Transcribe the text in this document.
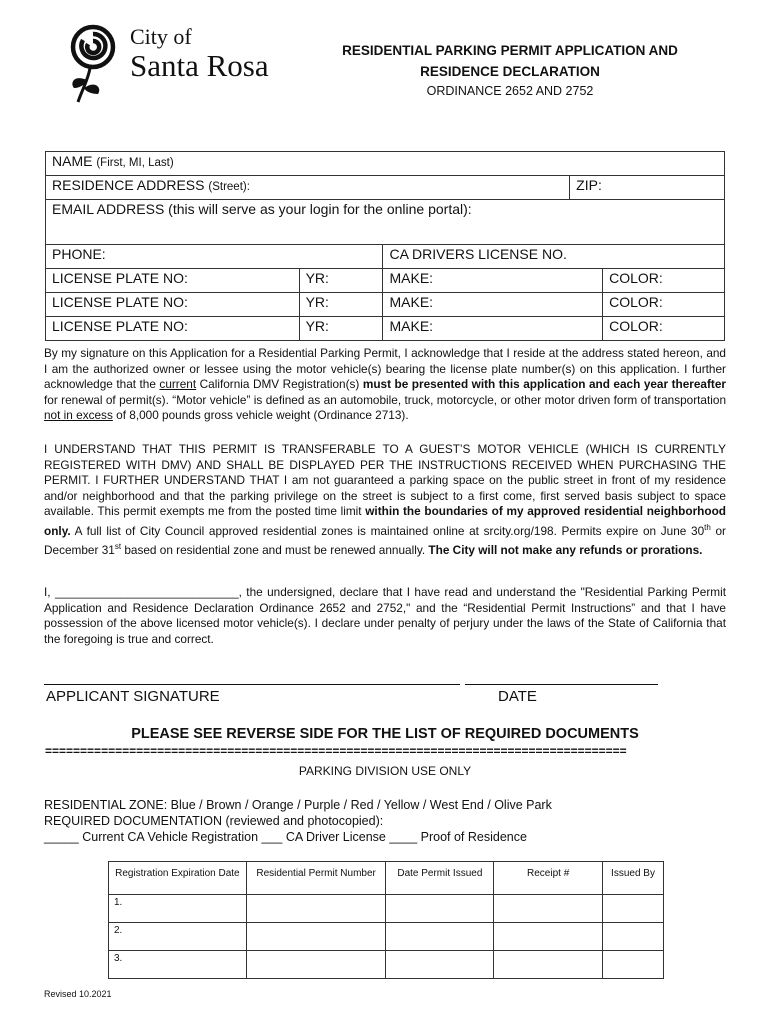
City of
Santa Rosa	RESIDENTIAL PARKING PERMIT APPLICATION AND
RESIDENCE DECLARATION
ORDINANCE 2652 AND 2752
NAME (First, MI, Last)				
RESIDENCE ADDRESS (Street):			ZIP:	
EMAIL ADDRESS (this will serve as your login for the online portal):				
PHONE:		CA DRIVERS LICENSE NO.		
LICENSE PLATE NO:	YR:	MAKE:		COLOR:
LICENSE PLATE NO:	YR:	MAKE:		COLOR:
LICENSE PLATE NO:	YR:	MAKE:		COLOR:
By my signature on this Application for a Residential Parking Permit, I acknowledge that I reside at the address stated hereon, and I am the authorized owner or lessee using the motor vehicle(s) bearing the license plate number(s) on this application. I further acknowledge that the current California DMV Registration(s) must be presented with this application and each year thereafter for renewal of permit(s). “Motor vehicle” is defined as an automobile, truck, motorcycle, or other motor driven form of transportation not in excess of 8,000 pounds gross vehicle weight (Ordinance 2713).
I UNDERSTAND THAT THIS PERMIT IS TRANSFERABLE TO A GUEST’S MOTOR VEHICLE (WHICH IS CURRENTLY REGISTERED WITH DMV) AND SHALL BE DISPLAYED PER THE INSTRUCTIONS RECEIVED WHEN PURCHASING THE PERMIT. I FURTHER UNDERSTAND THAT I am not guaranteed a parking space on the public street in front of my residence and/or neighborhood and that the parking privilege on the street is subject to a first come, first served basis subject to space available. This permit exempts me from the posted time limit within the boundaries of my approved residential neighborhood only. A full list of City Council approved residential zones is maintained online at srcity.org/198. Permits expire on June 30th or December 31st based on residential zone and must be renewed annually. The City will not make any refunds or prorations.
I, ____________________________, the undersigned, declare that I have read and understand the "Residential Parking Permit Application and Residence Declaration Ordinance 2652 and 2752," and the “Residential Permit Instructions” and that I have possession of the above licensed motor vehicle(s). I declare under penalty of perjury under the laws of the State of California that the foregoing is true and correct.
APPLICANT SIGNATURE	DATE
PLEASE SEE REVERSE SIDE FOR THE LIST OF REQUIRED DOCUMENTS
===================================================================================
PARKING DIVISION USE ONLY
RESIDENTIAL ZONE: Blue / Brown / Orange / Purple / Red / Yellow / West End / Olive Park
REQUIRED DOCUMENTATION (reviewed and photocopied):
_____ Current CA Vehicle Registration ___ CA Driver License ____ Proof of Residence
Registration Expiration Date	Residential Permit Number	Date Permit Issued	Receipt #	Issued By
1.				
2.				
3.				
Revised 10.2021
